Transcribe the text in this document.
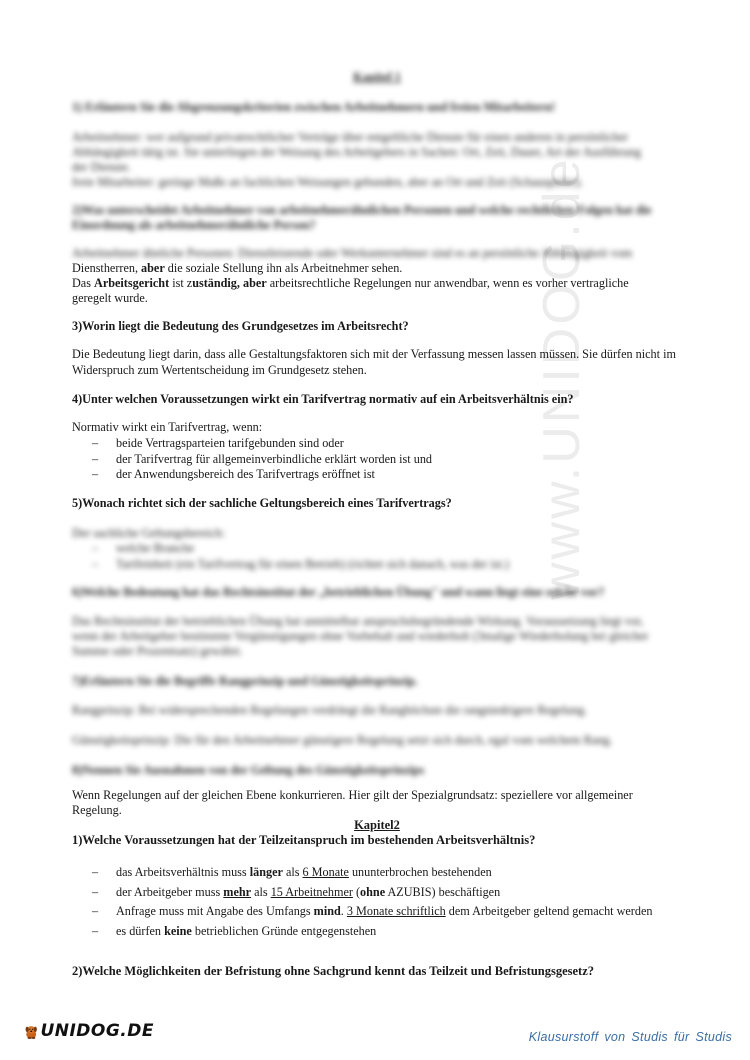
www.UNIDOG.de
Kapitel 1
1) Erläutern Sie die Abgrenzungskriterien zwischen Arbeitnehmern und freien Mitarbeitern!
Arbeitnehmer: wer aufgrund privatrechtlicher Verträge über entgeltliche Dienste für einen anderen in persönlicher
Abhängigkeit tätig ist. Sie unterliegen der Weisung des Arbeitgebers in Sachen: Ort, Zeit, Dauer, Art der Ausführung
der Dienste.
freie Mitarbeiter: geringe Maße an fachlichen Weisungen gebunden, aber an Ort und Zeit (Schauspieler).
2)Was unterscheidet Arbeitnehmer von arbeitnehmerähnlichen Personen und welche rechtlichen Folgen hat die
Einordnung als arbeitnehmerähnliche Person?
Arbeitnehmer ähnliche Personen: Dienstleistende oder Werkunternehmer sind es an persönliche Abhängigkeit vom
Dienstherren, aber die soziale Stellung ihn als Arbeitnehmer sehen.
Das Arbeitsgericht ist zuständig, aber arbeitsrechtliche Regelungen nur anwendbar, wenn es vorher vertragliche
geregelt wurde.
3)Worin liegt die Bedeutung des Grundgesetzes im Arbeitsrecht?
Die Bedeutung liegt darin, dass alle Gestaltungsfaktoren sich mit der Verfassung messen lassen müssen. Sie dürfen nicht im Widerspruch zum Wertentscheidung im Grundgesetz stehen.
4)Unter welchen Voraussetzungen wirkt ein Tarifvertrag normativ auf ein Arbeitsverhältnis ein?
Normativ wirkt ein Tarifvertrag, wenn:
– beide Vertragsparteien tarifgebunden sind oder
– der Tarifvertrag für allgemeinverbindliche erklärt worden ist und
– der Anwendungsbereich des Tarifvertrags eröffnet ist
5)Wonach richtet sich der sachliche Geltungsbereich eines Tarifvertrags?
Der sachliche Geltungsbereich:
– welche Branche
– Tarifeinheit (ein Tarifvertrag für einen Betrieb) (richtet sich danach, was der ist.)
6)Welche Bedeutung hat das Rechtsinstitut der „betrieblichen Übung" und wann liegt eine solche vor?
Das Rechtsinstitut der betrieblichen Übung hat unmittelbar anspruchsbegründende Wirkung. Voraussetzung liegt vor,
wenn der Arbeitgeber bestimmte Vergünstigungen ohne Vorbehalt und wiederholt (3malige Wiederholung bei gleicher
Summe oder Prozentsatz) gewährt.
7)Erläutern Sie die Begriffe Rangprinzip und Günstigkeitsprinzip.
Rangprinzip: Bei widersprechenden Regelungen verdrängt die Ranghöchste die rangniedrigere Regelung.
Günstigkeitsprinzip: Die für den Arbeitnehmer günstigere Regelung setzt sich durch, egal vom welchem Rang.
8)Nennen Sie Ausnahmen von der Geltung des Günstigkeitsprinzips
Wenn Regelungen auf der gleichen Ebene konkurrieren. Hier gilt der Spezialgrundsatz: speziellere vor allgemeiner
Regelung.
Kapitel2
1)Welche Voraussetzungen hat der Teilzeitanspruch im bestehenden Arbeitsverhältnis?
– das Arbeitsverhältnis muss länger als 6 Monate ununterbrochen bestehenden
– der Arbeitgeber muss mehr als 15 Arbeitnehmer (ohne AZUBIS) beschäftigen
– Anfrage muss mit Angabe des Umfangs mind. 3 Monate schriftlich dem Arbeitgeber geltend gemacht werden
– es dürfen keine betrieblichen Gründe entgegenstehen
2)Welche Möglichkeiten der Befristung ohne Sachgrund kennt das Teilzeit und Befristungsgesetz?
UNIDOG.DE	Klausurstoff von Studis für Studis
